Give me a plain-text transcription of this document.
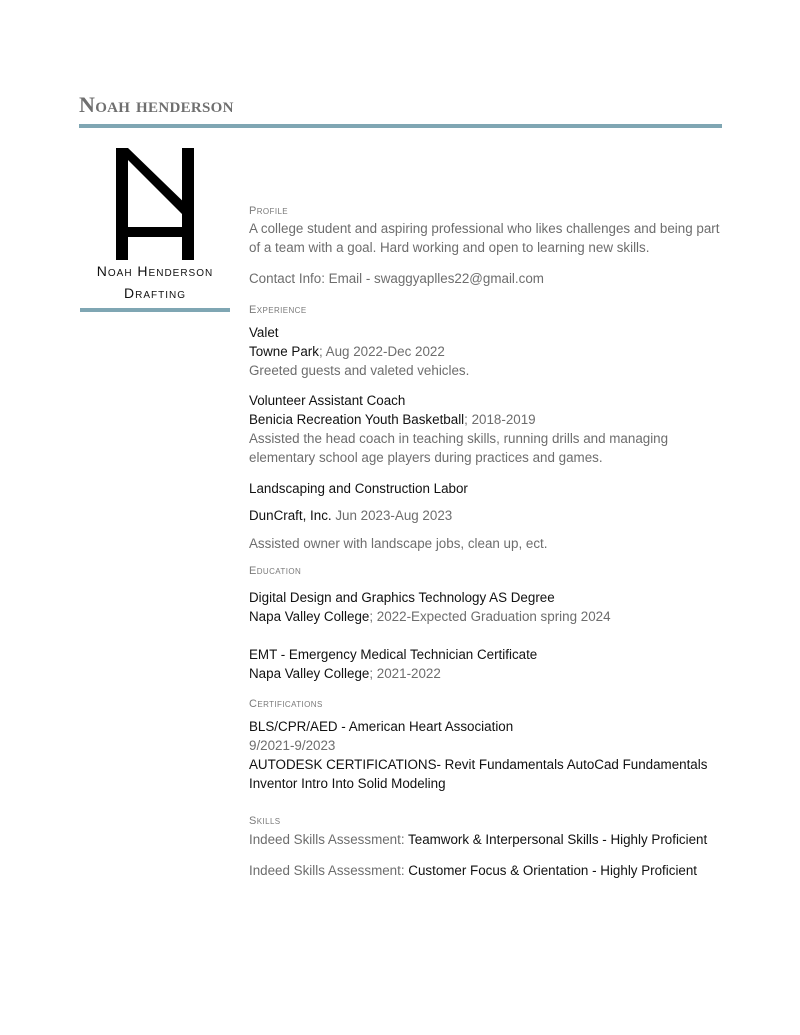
Noah henderson
Noah Henderson
Drafting
Profile
A college student and aspiring professional who likes challenges and being part
of a team with a goal. Hard working and open to learning new skills.
Contact Info: Email - swaggyaplles22@gmail.com
Experience
Valet
Towne Park; Aug 2022-Dec 2022
Greeted guests and valeted vehicles.
Volunteer Assistant Coach
Benicia Recreation Youth Basketball; 2018-2019
Assisted the head coach in teaching skills, running drills and managing
elementary school age players during practices and games.
Landscaping and Construction Labor
DunCraft, Inc. Jun 2023-Aug 2023
Assisted owner with landscape jobs, clean up, ect.
Education
Digital Design and Graphics Technology AS Degree
Napa Valley College; 2022-Expected Graduation spring 2024
EMT - Emergency Medical Technician Certificate
Napa Valley College; 2021-2022
Certifications
BLS/CPR/AED - American Heart Association
9/2021-9/2023
AUTODESK CERTIFICATIONS- Revit Fundamentals AutoCad Fundamentals
Inventor Intro Into Solid Modeling
Skills
Indeed Skills Assessment: Teamwork & Interpersonal Skills - Highly Proficient
Indeed Skills Assessment: Customer Focus & Orientation - Highly Proficient
